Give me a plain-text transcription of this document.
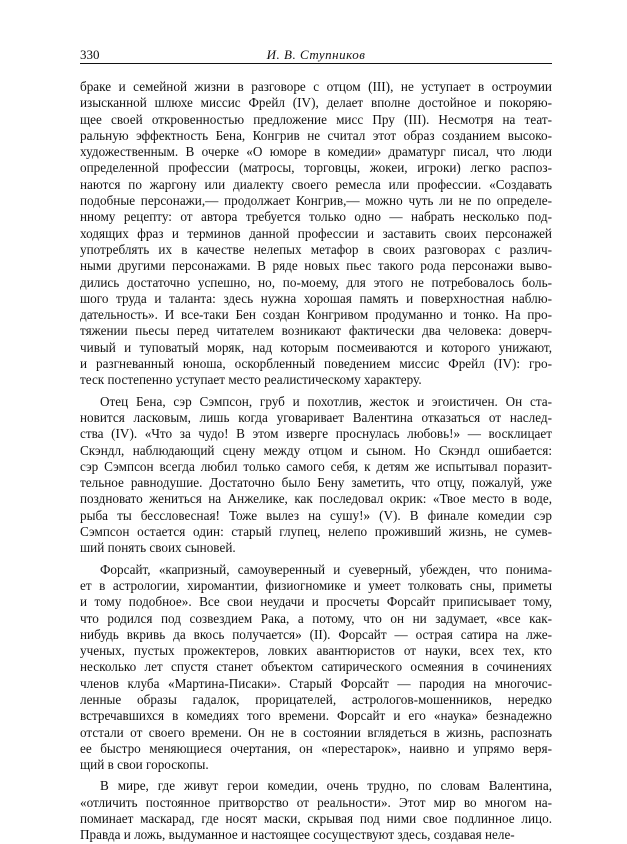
330	И. В. Ступников
браке и семейной жизни в разговоре с отцом (III), не уступает в остроумии
изысканной шлюхе миссис Фрейл (IV), делает вполне достойное и покоряю-
щее своей откровенностью предложение мисс Пру (III). Несмотря на теат-
ральную эффектность Бена, Конгрив не считал этот образ созданием высоко-
художественным. В очерке «О юморе в комедии» драматург писал, что люди
определенной профессии (матросы, торговцы, жокеи, игроки) легко распоз-
наются по жаргону или диалекту своего ремесла или профессии. «Создавать
подобные персонажи,— продолжает Конгрив,— можно чуть ли не по определе-
нному рецепту: от автора требуется только одно — набрать несколько под-
ходящих фраз и терминов данной профессии и заставить своих персонажей
употреблять их в качестве нелепых метафор в своих разговорах с различ-
ными другими персонажами. В ряде новых пьес такого рода персонажи выво-
дились достаточно успешно, но, по-моему, для этого не потребовалось боль-
шого труда и таланта: здесь нужна хорошая память и поверхностная наблю-
дательность». И все-таки Бен создан Конгривом продуманно и тонко. На про-
тяжении пьесы перед читателем возникают фактически два человека: доверч-
чивый и туповатый моряк, над которым посмеиваются и которого унижают,
и разгневанный юноша, оскорбленный поведением миссис Фрейл (IV): гро-
теск постепенно уступает место реалистическому характеру.
Отец Бена, сэр Сэмпсон, груб и похотлив, жесток и эгоистичен. Он ста-
новится ласковым, лишь когда уговаривает Валентина отказаться от наслед-
ства (IV). «Что за чудо! В этом изверге проснулась любовь!» — восклицает
Скэндл, наблюдающий сцену между отцом и сыном. Но Скэндл ошибается:
сэр Сэмпсон всегда любил только самого себя, к детям же испытывал поразит-
тельное равнодушие. Достаточно было Бену заметить, что отцу, пожалуй, уже
поздновато жениться на Анжелике, как последовал окрик: «Твое место в воде,
рыба ты бессловесная! Тоже вылез на сушу!» (V). В финале комедии сэр
Сэмпсон остается один: старый глупец, нелепо проживший жизнь, не сумев-
ший понять своих сыновей.
Форсайт, «капризный, самоуверенный и суеверный, убежден, что понима-
ет в астрологии, хиромантии, физиогномике и умеет толковать сны, приметы
и тому подобное». Все свои неудачи и просчеты Форсайт приписывает тому,
что родился под созвездием Рака, а потому, что он ни задумает, «все как-
нибудь вкривь да вкось получается» (II). Форсайт — острая сатира на лже-
ученых, пустых прожектеров, ловких авантюристов от науки, всех тех, кто
несколько лет спустя станет объектом сатирического осмеяния в сочинениях
членов клуба «Мартина-Писаки». Старый Форсайт — пародия на многочис-
ленные образы гадалок, прорицателей, астрологов-мошенников, нередко
встречавшихся в комедиях того времени. Форсайт и его «наука» безнадежно
отстали от своего времени. Он не в состоянии вглядеться в жизнь, распознать
ее быстро меняющиеся очертания, он «перестарок», наивно и упрямо веря-
щий в свои гороскопы.
В мире, где живут герои комедии, очень трудно, по словам Валентина,
«отличить постоянное притворство от реальности». Этот мир во многом на-
поминает маскарад, где носят маски, скрывая под ними свое подлинное лицо.
Правда и ложь, выдуманное и настоящее сосуществуют здесь, создавая неле-
